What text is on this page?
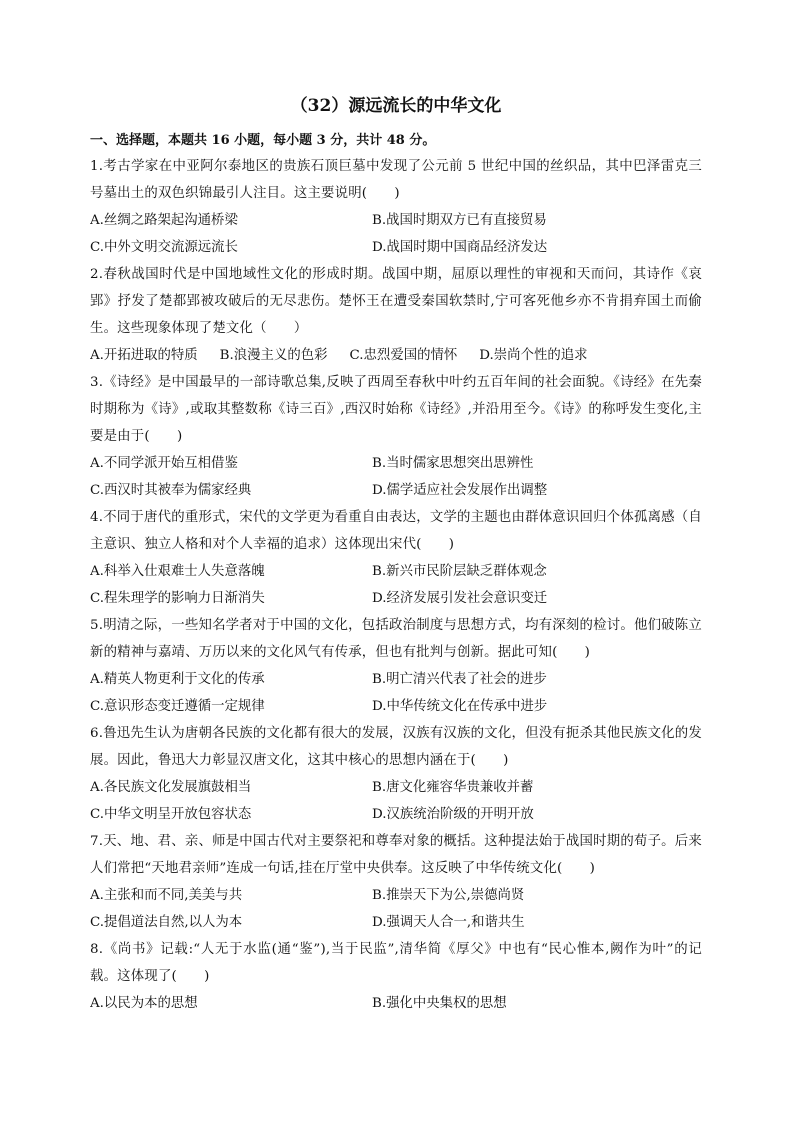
（32）源远流长的中华文化
一、选择题，本题共 16 小题，每小题 3 分，共计 48 分。
1.考古学家在中亚阿尔泰地区的贵族石顶巨墓中发现了公元前 5 世纪中国的丝织品，其中巴泽雷克三号墓出土的双色织锦最引人注目。这主要说明(　　)
A.丝绸之路架起沟通桥梁	B.战国时期双方已有直接贸易
C.中外文明交流源远流长	D.战国时期中国商品经济发达
2.春秋战国时代是中国地域性文化的形成时期。战国中期，屈原以理性的审视和天而问，其诗作《哀郢》抒发了楚都郢被攻破后的无尽悲伤。楚怀王在遭受秦国软禁时,宁可客死他乡亦不肯捐弃国土而偷生。这些现象体现了楚文化（　　）
A.开拓进取的特质 B.浪漫主义的色彩 C.忠烈爱国的情怀 D.崇尚个性的追求
3.《诗经》是中国最早的一部诗歌总集,反映了西周至春秋中叶约五百年间的社会面貌。《诗经》在先秦时期称为《诗》,或取其整数称《诗三百》,西汉时始称《诗经》,并沿用至今。《诗》的称呼发生变化,主要是由于(　　)
A.不同学派开始互相借鉴	B.当时儒家思想突出思辨性
C.西汉时其被奉为儒家经典	D.儒学适应社会发展作出调整
4.不同于唐代的重形式，宋代的文学更为看重自由表达，文学的主题也由群体意识回归个体孤离感（自主意识、独立人格和对个人幸福的追求）这体现出宋代(　　)
A.科举入仕艰难士人失意落魄	B.新兴市民阶层缺乏群体观念
C.程朱理学的影响力日渐消失	D.经济发展引发社会意识变迁
5.明清之际，一些知名学者对于中国的文化，包括政治制度与思想方式，均有深刻的检讨。他们破陈立新的精神与嘉靖、万历以来的文化风气有传承，但也有批判与创新。据此可知(　　)
A.精英人物更利于文化的传承	B.明亡清兴代表了社会的进步
C.意识形态变迁遵循一定规律	D.中华传统文化在传承中进步
6.鲁迅先生认为唐朝各民族的文化都有很大的发展，汉族有汉族的文化，但没有扼杀其他民族文化的发展。因此，鲁迅大力彰显汉唐文化，这其中核心的思想内涵在于(　　)
A.各民族文化发展旗鼓相当	B.唐文化雍容华贵兼收并蓄
C.中华文明呈开放包容状态	D.汉族统治阶级的开明开放
7.天、地、君、亲、师是中国古代对主要祭祀和尊奉对象的概括。这种提法始于战国时期的荀子。后来人们常把“天地君亲师”连成一句话,挂在厅堂中央供奉。这反映了中华传统文化(　　)
A.主张和而不同,美美与共	B.推崇天下为公,崇德尚贤
C.提倡道法自然,以人为本	D.强调天人合一,和谐共生
8.《尚书》记载:“人无于水监(通“鉴”),当于民监”,清华简《厚父》中也有“民心惟本,阙作为叶”的记载。这体现了(　　)
A.以民为本的思想	B.强化中央集权的思想
